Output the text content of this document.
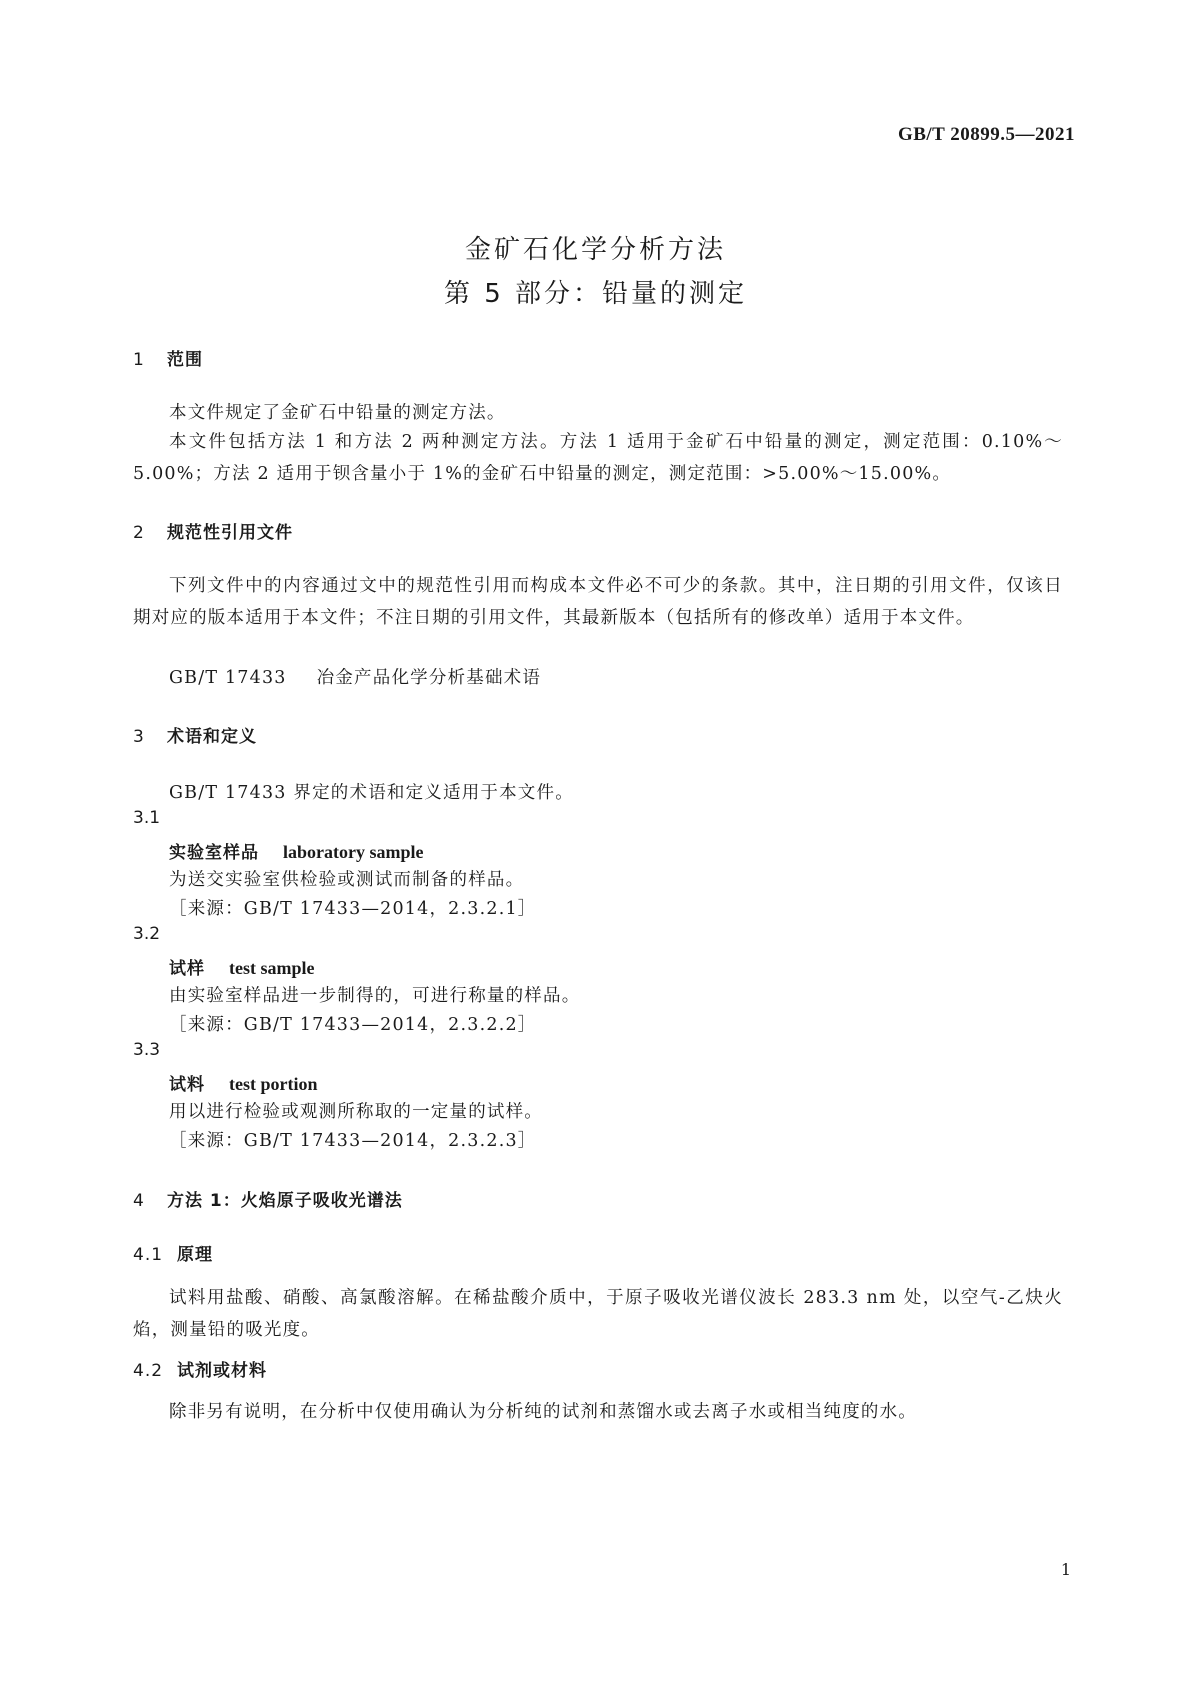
GB/T 20899.5—2021
金矿石化学分析方法
第 5 部分：铅量的测定
1 范围
本文件规定了金矿石中铅量的测定方法。
本文件包括方法 1 和方法 2 两种测定方法。方法 1 适用于金矿石中铅量的测定，测定范围：0.10%～5.00%；方法 2 适用于钡含量小于 1%的金矿石中铅量的测定，测定范围：>5.00%～15.00%。
2 规范性引用文件
下列文件中的内容通过文中的规范性引用而构成本文件必不可少的条款。其中，注日期的引用文件，仅该日期对应的版本适用于本文件；不注日期的引用文件，其最新版本（包括所有的修改单）适用于本文件。
GB/T 17433 冶金产品化学分析基础术语
3 术语和定义
GB/T 17433 界定的术语和定义适用于本文件。
3.1
实验室样品 laboratory sample
为送交实验室供检验或测试而制备的样品。
［来源：GB/T 17433—2014，2.3.2.1］
3.2
试样 test sample
由实验室样品进一步制得的，可进行称量的样品。
［来源：GB/T 17433—2014，2.3.2.2］
3.3
试料 test portion
用以进行检验或观测所称取的一定量的试样。
［来源：GB/T 17433—2014，2.3.2.3］
4 方法 1：火焰原子吸收光谱法
4.1 原理
试料用盐酸、硝酸、高氯酸溶解。在稀盐酸介质中，于原子吸收光谱仪波长 283.3 nm 处，以空气-乙炔火焰，测量铅的吸光度。
4.2 试剂或材料
除非另有说明，在分析中仅使用确认为分析纯的试剂和蒸馏水或去离子水或相当纯度的水。
1
